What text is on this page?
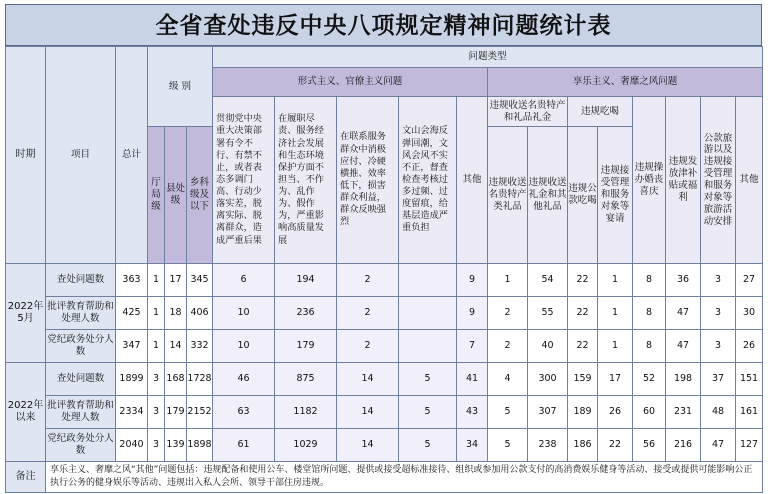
全省查处违反中央八项规定精神问题统计表
时期	项目	总计	级 别			问题类型												
						形式主义、官僚主义问题					享乐主义、奢靡之风问题							
						贯彻党中央重大决策部署有令不行、有禁不止，或者表态多调门高、行动少落实差，脱离实际、脱离群众，造成严重后果	在履职尽责、服务经济社会发展和生态环境保护方面不担当、不作为、乱作为、假作为，严重影响高质量发展	在联系服务群众中消极应付、冷硬横推、效率低下，损害群众利益，群众反映强烈	文山会海反弹回潮，文风会风不实不正，督查检查考核过多过频、过度留痕，给基层造成严重负担	其他	违规收送名贵特产和礼品礼金		违规吃喝		违规操办婚丧喜庆	违规发放津补贴或福利	公款旅游以及违规接受管理和服务对象等旅游活动安排	其他
			厅局级	县处级	乡科级及以下						违规收送名贵特产类礼品	违规收送礼金和其他礼品	违规公款吃喝	违规接受管理和服务对象等宴请				

2022年5月	查处问题数	363	1	17	345	6	194	2		9	1	54	22	1	8	36	3	27
	批评教育帮助和处理人数	425	1	18	406	10	236	2		9	2	55	22	1	8	47	3	30
	党纪政务处分人数	347	1	14	332	10	179	2		7	2	40	22	1	8	47	3	26
2022年以来	查处问题数	1899	3	168	1728	46	875	14	5	41	4	300	159	17	52	198	37	151
	批评教育帮助和处理人数	2334	3	179	2152	63	1182	14	5	43	5	307	189	26	60	231	48	161
	党纪政务处分人数	2040	3	139	1898	61	1029	14	5	34	5	238	186	22	56	216	47	127
备注	享乐主义、奢靡之风“其他”问题包括：违规配备和使用公车、楼堂馆所问题、提供或接受超标准接待、组织或参加用公款支付的高消费娱乐健身等活动、接受或提供可能影响公正执行公务的健身娱乐等活动、违规出入私人会所、领导干部住房违规。																	
